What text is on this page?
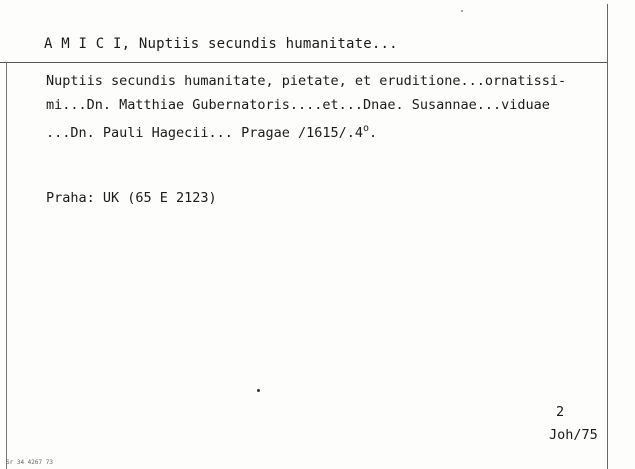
A M I C I, Nuptiis secundis humanitate...
Nuptiis secundis humanitate, pietate, et eruditione...ornatissi-
mi...Dn. Matthiae Gubernatoris....et...Dnae. Susannae...viduae
...Dn. Pauli Hagecii... Pragae /1615/.4$^o$.
Praha: UK (65 E 2123)
2
Joh/75
Sr 34 4267 73
